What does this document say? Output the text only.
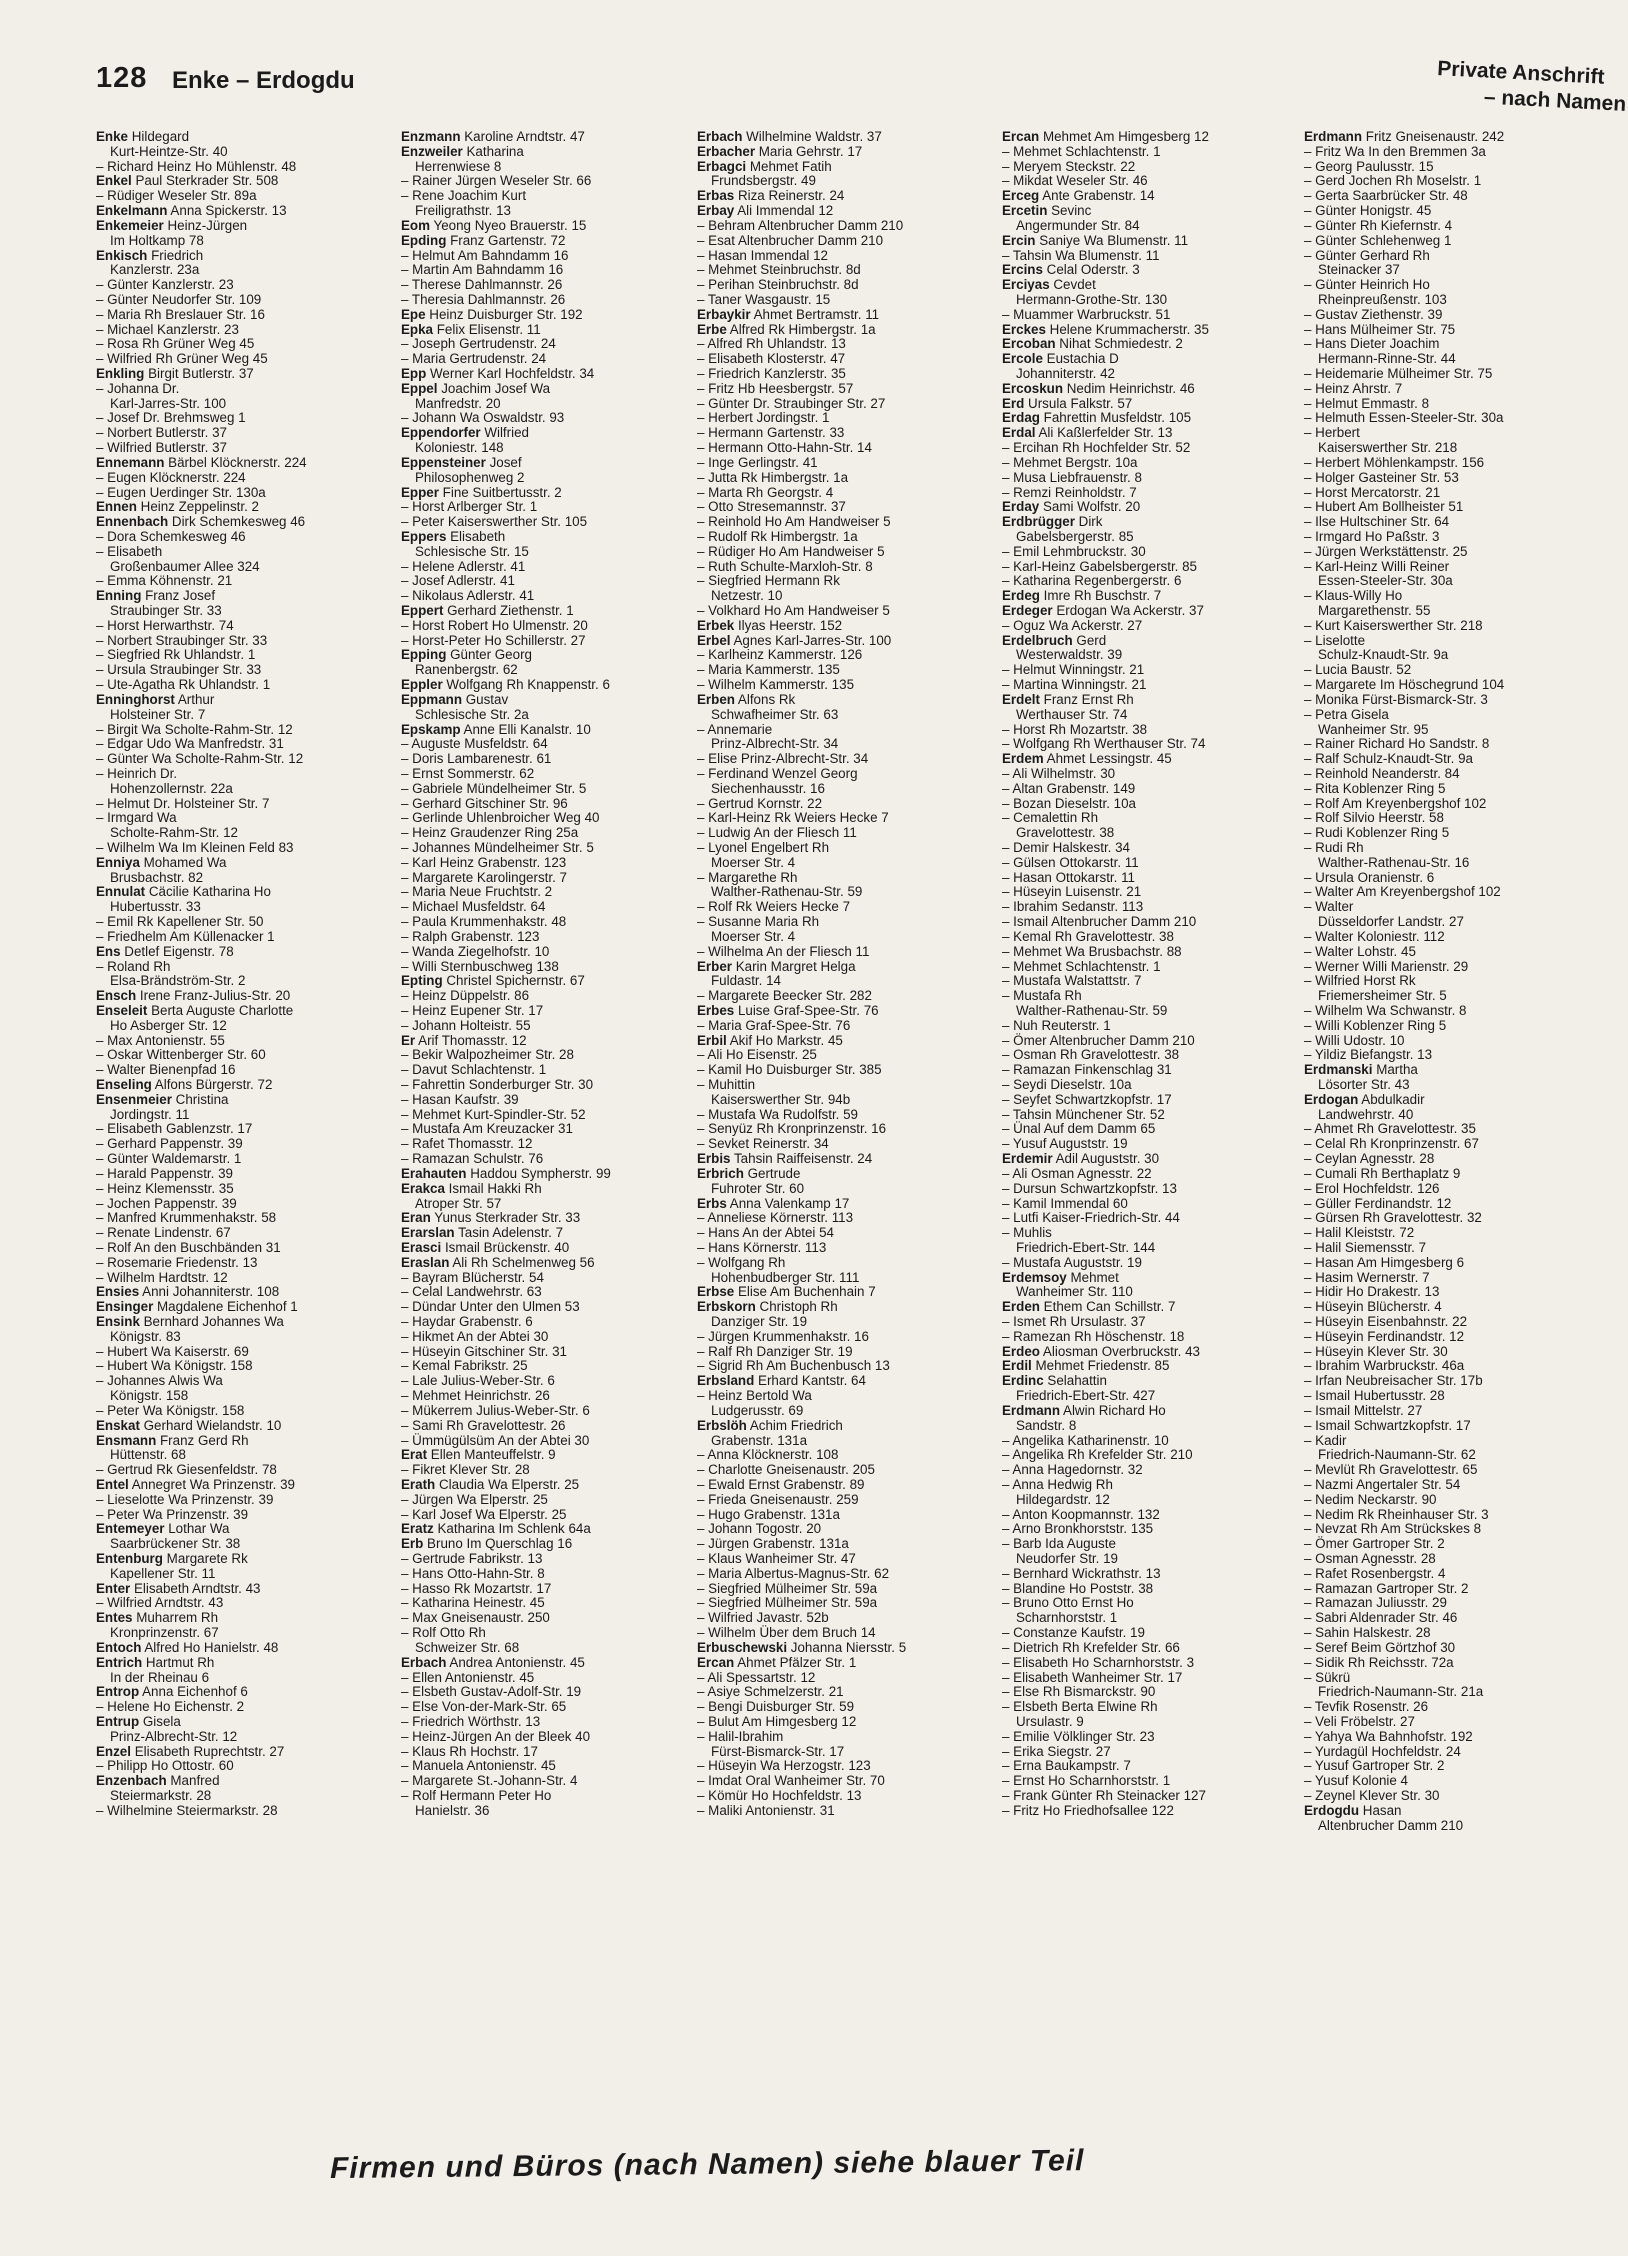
128 Enke – Erdogdu	Private Anschrift
– nach Namen
Enke Hildegard
Kurt-Heintze-Str. 40
– Richard Heinz Ho Mühlenstr. 48
Enkel Paul Sterkrader Str. 508
– Rüdiger Weseler Str. 89a
Enkelmann Anna Spickerstr. 13
Enkemeier Heinz-Jürgen
Im Holtkamp 78
Enkisch Friedrich
Kanzlerstr. 23a
– Günter Kanzlerstr. 23
– Günter Neudorfer Str. 109
– Maria Rh Breslauer Str. 16
– Michael Kanzlerstr. 23
– Rosa Rh Grüner Weg 45
– Wilfried Rh Grüner Weg 45
Enkling Birgit Butlerstr. 37
– Johanna Dr.
Karl-Jarres-Str. 100
– Josef Dr. Brehmsweg 1
– Norbert Butlerstr. 37
– Wilfried Butlerstr. 37
Ennemann Bärbel Klöcknerstr. 224
– Eugen Klöcknerstr. 224
– Eugen Uerdinger Str. 130a
Ennen Heinz Zeppelinstr. 2
Ennenbach Dirk Schemkesweg 46
– Dora Schemkesweg 46
– Elisabeth
Großenbaumer Allee 324
– Emma Köhnenstr. 21
Enning Franz Josef
Straubinger Str. 33
– Horst Herwarthstr. 74
– Norbert Straubinger Str. 33
– Siegfried Rk Uhlandstr. 1
– Ursula Straubinger Str. 33
– Ute-Agatha Rk Uhlandstr. 1
Enninghorst Arthur
Holsteiner Str. 7
– Birgit Wa Scholte-Rahm-Str. 12
– Edgar Udo Wa Manfredstr. 31
– Günter Wa Scholte-Rahm-Str. 12
– Heinrich Dr.
Hohenzollernstr. 22a
– Helmut Dr. Holsteiner Str. 7
– Irmgard Wa
Scholte-Rahm-Str. 12
– Wilhelm Wa Im Kleinen Feld 83
Enniya Mohamed Wa
Brusbachstr. 82
Ennulat Cäcilie Katharina Ho
Hubertusstr. 33
– Emil Rk Kapellener Str. 50
– Friedhelm Am Küllenacker 1
Ens Detlef Eigenstr. 78
– Roland Rh
Elsa-Brändström-Str. 2
Ensch Irene Franz-Julius-Str. 20
Enseleit Berta Auguste Charlotte
Ho Asberger Str. 12
– Max Antonienstr. 55
– Oskar Wittenberger Str. 60
– Walter Bienenpfad 16
Enseling Alfons Bürgerstr. 72
Ensenmeier Christina
Jordingstr. 11
– Elisabeth Gablenzstr. 17
– Gerhard Pappenstr. 39
– Günter Waldemarstr. 1
– Harald Pappenstr. 39
– Heinz Klemensstr. 35
– Jochen Pappenstr. 39
– Manfred Krummenhakstr. 58
– Renate Lindenstr. 67
– Rolf An den Buschbänden 31
– Rosemarie Friedenstr. 13
– Wilhelm Hardtstr. 12
Ensies Anni Johanniterstr. 108
Ensinger Magdalene Eichenhof 1
Ensink Bernhard Johannes Wa
Königstr. 83
– Hubert Wa Kaiserstr. 69
– Hubert Wa Königstr. 158
– Johannes Alwis Wa
Königstr. 158
– Peter Wa Königstr. 158
Enskat Gerhard Wielandstr. 10
Ensmann Franz Gerd Rh
Hüttenstr. 68
– Gertrud Rk Giesenfeldstr. 78
Entel Annegret Wa Prinzenstr. 39
– Lieselotte Wa Prinzenstr. 39
– Peter Wa Prinzenstr. 39
Entemeyer Lothar Wa
Saarbrückener Str. 38
Entenburg Margarete Rk
Kapellener Str. 11
Enter Elisabeth Arndtstr. 43
– Wilfried Arndtstr. 43
Entes Muharrem Rh
Kronprinzenstr. 67
Entoch Alfred Ho Hanielstr. 48
Entrich Hartmut Rh
In der Rheinau 6
Entrop Anna Eichenhof 6
– Helene Ho Eichenstr. 2
Entrup Gisela
Prinz-Albrecht-Str. 12
Enzel Elisabeth Ruprechtstr. 27
– Philipp Ho Ottostr. 60
Enzenbach Manfred
Steiermarkstr. 28
– Wilhelmine Steiermarkstr. 28
Enzmann Karoline Arndtstr. 47
Enzweiler Katharina
Herrenwiese 8
– Rainer Jürgen Weseler Str. 66
– Rene Joachim Kurt
Freiligrathstr. 13
Eom Yeong Nyeo Brauerstr. 15
Epding Franz Gartenstr. 72
– Helmut Am Bahndamm 16
– Martin Am Bahndamm 16
– Therese Dahlmannstr. 26
– Theresia Dahlmannstr. 26
Epe Heinz Duisburger Str. 192
Epka Felix Elisenstr. 11
– Joseph Gertrudenstr. 24
– Maria Gertrudenstr. 24
Epp Werner Karl Hochfeldstr. 34
Eppel Joachim Josef Wa
Manfredstr. 20
– Johann Wa Oswaldstr. 93
Eppendorfer Wilfried
Koloniestr. 148
Eppensteiner Josef
Philosophenweg 2
Epper Fine Suitbertusstr. 2
– Horst Arlberger Str. 1
– Peter Kaiserswerther Str. 105
Eppers Elisabeth
Schlesische Str. 15
– Helene Adlerstr. 41
– Josef Adlerstr. 41
– Nikolaus Adlerstr. 41
Eppert Gerhard Ziethenstr. 1
– Horst Robert Ho Ulmenstr. 20
– Horst-Peter Ho Schillerstr. 27
Epping Günter Georg
Ranenbergstr. 62
Eppler Wolfgang Rh Knappenstr. 6
Eppmann Gustav
Schlesische Str. 2a
Epskamp Anne Elli Kanalstr. 10
– Auguste Musfeldstr. 64
– Doris Lambarenestr. 61
– Ernst Sommerstr. 62
– Gabriele Mündelheimer Str. 5
– Gerhard Gitschiner Str. 96
– Gerlinde Uhlenbroicher Weg 40
– Heinz Graudenzer Ring 25a
– Johannes Mündelheimer Str. 5
– Karl Heinz Grabenstr. 123
– Margarete Karolingerstr. 7
– Maria Neue Fruchtstr. 2
– Michael Musfeldstr. 64
– Paula Krummenhakstr. 48
– Ralph Grabenstr. 123
– Wanda Ziegelhofstr. 10
– Willi Sternbuschweg 138
Epting Christel Spichernstr. 67
– Heinz Düppelstr. 86
– Heinz Eupener Str. 17
– Johann Holteistr. 55
Er Arif Thomasstr. 12
– Bekir Walpozheimer Str. 28
– Davut Schlachtenstr. 1
– Fahrettin Sonderburger Str. 30
– Hasan Kaufstr. 39
– Mehmet Kurt-Spindler-Str. 52
– Mustafa Am Kreuzacker 31
– Rafet Thomasstr. 12
– Ramazan Schulstr. 76
Erahauten Haddou Sympherstr. 99
Erakca Ismail Hakki Rh
Atroper Str. 57
Eran Yunus Sterkrader Str. 33
Erarslan Tasin Adelenstr. 7
Erasci Ismail Brückenstr. 40
Eraslan Ali Rh Schelmenweg 56
– Bayram Blücherstr. 54
– Celal Landwehrstr. 63
– Dündar Unter den Ulmen 53
– Haydar Grabenstr. 6
– Hikmet An der Abtei 30
– Hüseyin Gitschiner Str. 31
– Kemal Fabrikstr. 25
– Lale Julius-Weber-Str. 6
– Mehmet Heinrichstr. 26
– Mükerrem Julius-Weber-Str. 6
– Sami Rh Gravelottestr. 26
– Ümmügülsüm An der Abtei 30
Erat Ellen Manteuffelstr. 9
– Fikret Klever Str. 28
Erath Claudia Wa Elperstr. 25
– Jürgen Wa Elperstr. 25
– Karl Josef Wa Elperstr. 25
Eratz Katharina Im Schlenk 64a
Erb Bruno Im Querschlag 16
– Gertrude Fabrikstr. 13
– Hans Otto-Hahn-Str. 8
– Hasso Rk Mozartstr. 17
– Katharina Heinestr. 45
– Max Gneisenaustr. 250
– Rolf Otto Rh
Schweizer Str. 68
Erbach Andrea Antonienstr. 45
– Ellen Antonienstr. 45
– Elsbeth Gustav-Adolf-Str. 19
– Else Von-der-Mark-Str. 65
– Friedrich Wörthstr. 13
– Heinz-Jürgen An der Bleek 40
– Klaus Rh Hochstr. 17
– Manuela Antonienstr. 45
– Margarete St.-Johann-Str. 4
– Rolf Hermann Peter Ho
Hanielstr. 36
Erbach Wilhelmine Waldstr. 37
Erbacher Maria Gehrstr. 17
Erbagci Mehmet Fatih
Frundsbergstr. 49
Erbas Riza Reinerstr. 24
Erbay Ali Immendal 12
– Behram Altenbrucher Damm 210
– Esat Altenbrucher Damm 210
– Hasan Immendal 12
– Mehmet Steinbruchstr. 8d
– Perihan Steinbruchstr. 8d
– Taner Wasgaustr. 15
Erbaykir Ahmet Bertramstr. 11
Erbe Alfred Rk Himbergstr. 1a
– Alfred Rh Uhlandstr. 13
– Elisabeth Klosterstr. 47
– Friedrich Kanzlerstr. 35
– Fritz Hb Heesbergstr. 57
– Günter Dr. Straubinger Str. 27
– Herbert Jordingstr. 1
– Hermann Gartenstr. 33
– Hermann Otto-Hahn-Str. 14
– Inge Gerlingstr. 41
– Jutta Rk Himbergstr. 1a
– Marta Rh Georgstr. 4
– Otto Stresemannstr. 37
– Reinhold Ho Am Handweiser 5
– Rudolf Rk Himbergstr. 1a
– Rüdiger Ho Am Handweiser 5
– Ruth Schulte-Marxloh-Str. 8
– Siegfried Hermann Rk
Netzestr. 10
– Volkhard Ho Am Handweiser 5
Erbek Ilyas Heerstr. 152
Erbel Agnes Karl-Jarres-Str. 100
– Karlheinz Kammerstr. 126
– Maria Kammerstr. 135
– Wilhelm Kammerstr. 135
Erben Alfons Rk
Schwafheimer Str. 63
– Annemarie
Prinz-Albrecht-Str. 34
– Elise Prinz-Albrecht-Str. 34
– Ferdinand Wenzel Georg
Siechenhausstr. 16
– Gertrud Kornstr. 22
– Karl-Heinz Rk Weiers Hecke 7
– Ludwig An der Fliesch 11
– Lyonel Engelbert Rh
Moerser Str. 4
– Margarethe Rh
Walther-Rathenau-Str. 59
– Rolf Rk Weiers Hecke 7
– Susanne Maria Rh
Moerser Str. 4
– Wilhelma An der Fliesch 11
Erber Karin Margret Helga
Fuldastr. 14
– Margarete Beecker Str. 282
Erbes Luise Graf-Spee-Str. 76
– Maria Graf-Spee-Str. 76
Erbil Akif Ho Markstr. 45
– Ali Ho Eisenstr. 25
– Kamil Ho Duisburger Str. 385
– Muhittin
Kaiserswerther Str. 94b
– Mustafa Wa Rudolfstr. 59
– Senyüz Rh Kronprinzenstr. 16
– Sevket Reinerstr. 34
Erbis Tahsin Raiffeisenstr. 24
Erbrich Gertrude
Fuhroter Str. 60
Erbs Anna Valenkamp 17
– Anneliese Körnerstr. 113
– Hans An der Abtei 54
– Hans Körnerstr. 113
– Wolfgang Rh
Hohenbudberger Str. 111
Erbse Elise Am Buchenhain 7
Erbskorn Christoph Rh
Danziger Str. 19
– Jürgen Krummenhakstr. 16
– Ralf Rh Danziger Str. 19
– Sigrid Rh Am Buchenbusch 13
Erbsland Erhard Kantstr. 64
– Heinz Bertold Wa
Ludgerusstr. 69
Erbslöh Achim Friedrich
Grabenstr. 131a
– Anna Klöcknerstr. 108
– Charlotte Gneisenaustr. 205
– Ewald Ernst Grabenstr. 89
– Frieda Gneisenaustr. 259
– Hugo Grabenstr. 131a
– Johann Togostr. 20
– Jürgen Grabenstr. 131a
– Klaus Wanheimer Str. 47
– Maria Albertus-Magnus-Str. 62
– Siegfried Mülheimer Str. 59a
– Siegfried Mülheimer Str. 59a
– Wilfried Javastr. 52b
– Wilhelm Über dem Bruch 14
Erbuschewski Johanna Niersstr. 5
Ercan Ahmet Pfälzer Str. 1
– Ali Spessartstr. 12
– Asiye Schmelzerstr. 21
– Bengi Duisburger Str. 59
– Bulut Am Himgesberg 12
– Halil-Ibrahim
Fürst-Bismarck-Str. 17
– Hüseyin Wa Herzogstr. 123
– Imdat Oral Wanheimer Str. 70
– Kömür Ho Hochfeldstr. 13
– Maliki Antonienstr. 31
Ercan Mehmet Am Himgesberg 12
– Mehmet Schlachtenstr. 1
– Meryem Steckstr. 22
– Mikdat Weseler Str. 46
Erceg Ante Grabenstr. 14
Ercetin Sevinc
Angermunder Str. 84
Ercin Saniye Wa Blumenstr. 11
– Tahsin Wa Blumenstr. 11
Ercins Celal Oderstr. 3
Erciyas Cevdet
Hermann-Grothe-Str. 130
– Muammer Warbruckstr. 51
Erckes Helene Krummacherstr. 35
Ercoban Nihat Schmiedestr. 2
Ercole Eustachia D
Johanniterstr. 42
Ercoskun Nedim Heinrichstr. 46
Erd Ursula Falkstr. 57
Erdag Fahrettin Musfeldstr. 105
Erdal Ali Kaßlerfelder Str. 13
– Ercihan Rh Hochfelder Str. 52
– Mehmet Bergstr. 10a
– Musa Liebfrauenstr. 8
– Remzi Reinholdstr. 7
Erday Sami Wolfstr. 20
Erdbrügger Dirk
Gabelsbergerstr. 85
– Emil Lehmbruckstr. 30
– Karl-Heinz Gabelsbergerstr. 85
– Katharina Regenbergerstr. 6
Erdeg Imre Rh Buschstr. 7
Erdeger Erdogan Wa Ackerstr. 37
– Oguz Wa Ackerstr. 27
Erdelbruch Gerd
Westerwaldstr. 39
– Helmut Winningstr. 21
– Martina Winningstr. 21
Erdelt Franz Ernst Rh
Werthauser Str. 74
– Horst Rh Mozartstr. 38
– Wolfgang Rh Werthauser Str. 74
Erdem Ahmet Lessingstr. 45
– Ali Wilhelmstr. 30
– Altan Grabenstr. 149
– Bozan Dieselstr. 10a
– Cemalettin Rh
Gravelottestr. 38
– Demir Halskestr. 34
– Gülsen Ottokarstr. 11
– Hasan Ottokarstr. 11
– Hüseyin Luisenstr. 21
– Ibrahim Sedanstr. 113
– Ismail Altenbrucher Damm 210
– Kemal Rh Gravelottestr. 38
– Mehmet Wa Brusbachstr. 88
– Mehmet Schlachtenstr. 1
– Mustafa Walstattstr. 7
– Mustafa Rh
Walther-Rathenau-Str. 59
– Nuh Reuterstr. 1
– Ömer Altenbrucher Damm 210
– Osman Rh Gravelottestr. 38
– Ramazan Finkenschlag 31
– Seydi Dieselstr. 10a
– Seyfet Schwartzkopfstr. 17
– Tahsin Münchener Str. 52
– Ünal Auf dem Damm 65
– Yusuf Auguststr. 19
Erdemir Adil Auguststr. 30
– Ali Osman Agnesstr. 22
– Dursun Schwartzkopfstr. 13
– Kamil Immendal 60
– Lutfi Kaiser-Friedrich-Str. 44
– Muhlis
Friedrich-Ebert-Str. 144
– Mustafa Auguststr. 19
Erdemsoy Mehmet
Wanheimer Str. 110
Erden Ethem Can Schillstr. 7
– Ismet Rh Ursulastr. 37
– Ramezan Rh Höschenstr. 18
Erdeo Aliosman Overbruckstr. 43
Erdil Mehmet Friedenstr. 85
Erdinc Selahattin
Friedrich-Ebert-Str. 427
Erdmann Alwin Richard Ho
Sandstr. 8
– Angelika Katharinenstr. 10
– Angelika Rh Krefelder Str. 210
– Anna Hagedornstr. 32
– Anna Hedwig Rh
Hildegardstr. 12
– Anton Koopmannstr. 132
– Arno Bronkhorststr. 135
– Barb Ida Auguste
Neudorfer Str. 19
– Bernhard Wickrathstr. 13
– Blandine Ho Poststr. 38
– Bruno Otto Ernst Ho
Scharnhorststr. 1
– Constanze Kaufstr. 19
– Dietrich Rh Krefelder Str. 66
– Elisabeth Ho Scharnhorststr. 3
– Elisabeth Wanheimer Str. 17
– Else Rh Bismarckstr. 90
– Elsbeth Berta Elwine Rh
Ursulastr. 9
– Emilie Völklinger Str. 23
– Erika Siegstr. 27
– Erna Baukampstr. 7
– Ernst Ho Scharnhorststr. 1
– Frank Günter Rh Steinacker 127
– Fritz Ho Friedhofsallee 122
Erdmann Fritz Gneisenaustr. 242
– Fritz Wa In den Bremmen 3a
– Georg Paulusstr. 15
– Gerd Jochen Rh Moselstr. 1
– Gerta Saarbrücker Str. 48
– Günter Honigstr. 45
– Günter Rh Kiefernstr. 4
– Günter Schlehenweg 1
– Günter Gerhard Rh
Steinacker 37
– Günter Heinrich Ho
Rheinpreußenstr. 103
– Gustav Ziethenstr. 39
– Hans Mülheimer Str. 75
– Hans Dieter Joachim
Hermann-Rinne-Str. 44
– Heidemarie Mülheimer Str. 75
– Heinz Ahrstr. 7
– Helmut Emmastr. 8
– Helmuth Essen-Steeler-Str. 30a
– Herbert
Kaiserswerther Str. 218
– Herbert Möhlenkampstr. 156
– Holger Gasteiner Str. 53
– Horst Mercatorstr. 21
– Hubert Am Bollheister 51
– Ilse Hultschiner Str. 64
– Irmgard Ho Paßstr. 3
– Jürgen Werkstättenstr. 25
– Karl-Heinz Willi Reiner
Essen-Steeler-Str. 30a
– Klaus-Willy Ho
Margarethenstr. 55
– Kurt Kaiserswerther Str. 218
– Liselotte
Schulz-Knaudt-Str. 9a
– Lucia Baustr. 52
– Margarete Im Höschegrund 104
– Monika Fürst-Bismarck-Str. 3
– Petra Gisela
Wanheimer Str. 95
– Rainer Richard Ho Sandstr. 8
– Ralf Schulz-Knaudt-Str. 9a
– Reinhold Neanderstr. 84
– Rita Koblenzer Ring 5
– Rolf Am Kreyenbergshof 102
– Rolf Silvio Heerstr. 58
– Rudi Koblenzer Ring 5
– Rudi Rh
Walther-Rathenau-Str. 16
– Ursula Oranienstr. 6
– Walter Am Kreyenbergshof 102
– Walter
Düsseldorfer Landstr. 27
– Walter Koloniestr. 112
– Walter Lohstr. 45
– Werner Willi Marienstr. 29
– Wilfried Horst Rk
Friemersheimer Str. 5
– Wilhelm Wa Schwanstr. 8
– Willi Koblenzer Ring 5
– Willi Udostr. 10
– Yildiz Biefangstr. 13
Erdmanski Martha
Lösorter Str. 43
Erdogan Abdulkadir
Landwehrstr. 40
– Ahmet Rh Gravelottestr. 35
– Celal Rh Kronprinzenstr. 67
– Ceylan Agnesstr. 28
– Cumali Rh Berthaplatz 9
– Erol Hochfeldstr. 126
– Güller Ferdinandstr. 12
– Gürsen Rh Gravelottestr. 32
– Halil Kleiststr. 72
– Halil Siemensstr. 7
– Hasan Am Himgesberg 6
– Hasim Wernerstr. 7
– Hidir Ho Drakestr. 13
– Hüseyin Blücherstr. 4
– Hüseyin Eisenbahnstr. 22
– Hüseyin Ferdinandstr. 12
– Hüseyin Klever Str. 30
– Ibrahim Warbruckstr. 46a
– Irfan Neubreisacher Str. 17b
– Ismail Hubertusstr. 28
– Ismail Mittelstr. 27
– Ismail Schwartzkopfstr. 17
– Kadir
Friedrich-Naumann-Str. 62
– Mevlüt Rh Gravelottestr. 65
– Nazmi Angertaler Str. 54
– Nedim Neckarstr. 90
– Nedim Rk Rheinhauser Str. 3
– Nevzat Rh Am Strückskes 8
– Ömer Gartroper Str. 2
– Osman Agnesstr. 28
– Rafet Rosenbergstr. 4
– Ramazan Gartroper Str. 2
– Ramazan Juliusstr. 29
– Sabri Aldenrader Str. 46
– Sahin Halskestr. 28
– Seref Beim Görtzhof 30
– Sidik Rh Reichsstr. 72a
– Sükrü
Friedrich-Naumann-Str. 21a
– Tevfik Rosenstr. 26
– Veli Fröbelstr. 27
– Yahya Wa Bahnhofstr. 192
– Yurdagül Hochfeldstr. 24
– Yusuf Gartroper Str. 2
– Yusuf Kolonie 4
– Zeynel Klever Str. 30
Erdogdu Hasan
Altenbrucher Damm 210
Firmen und Büros (nach Namen) siehe blauer Teil
